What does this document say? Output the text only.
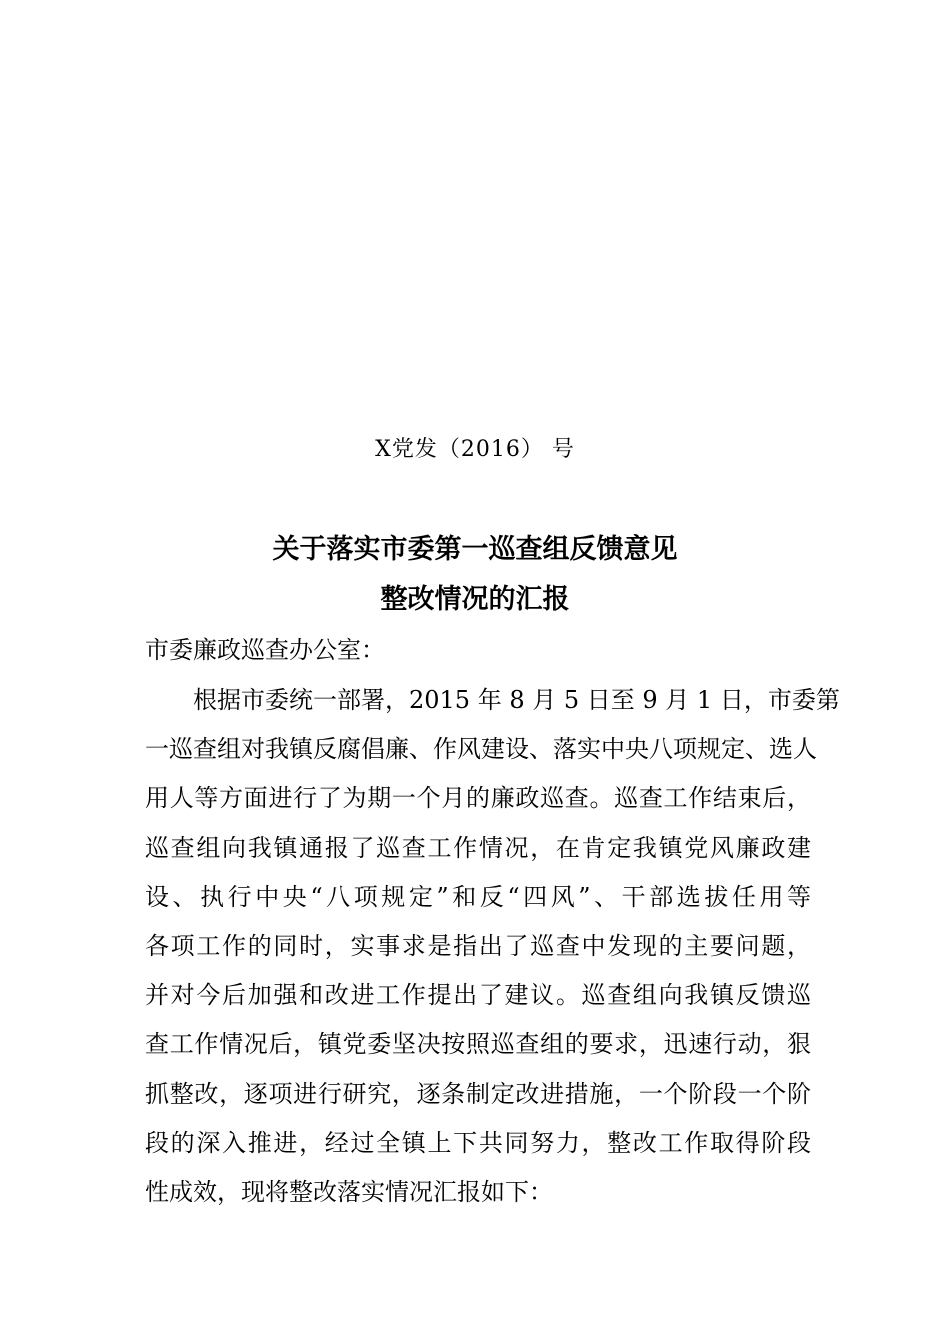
X党发（2016） 号
关于落实市委第一巡查组反馈意见
整改情况的汇报
市委廉政巡查办公室：
根据市委统一部署，2015 年 8 月 5 日至 9 月 1 日，市委第
一巡查组对我镇反腐倡廉、作风建设、落实中央八项规定、选人
用人等方面进行了为期一个月的廉政巡查。巡查工作结束后，
巡查组向我镇通报了巡查工作情况，在肯定我镇党风廉政建
设、执行中央“八项规定”和反“四风”、干部选拔任用等
各项工作的同时，实事求是指出了巡查中发现的主要问题，
并对今后加强和改进工作提出了建议。巡查组向我镇反馈巡
查工作情况后，镇党委坚决按照巡查组的要求，迅速行动，狠
抓整改，逐项进行研究，逐条制定改进措施，一个阶段一个阶
段的深入推进，经过全镇上下共同努力，整改工作取得阶段
性成效，现将整改落实情况汇报如下：
